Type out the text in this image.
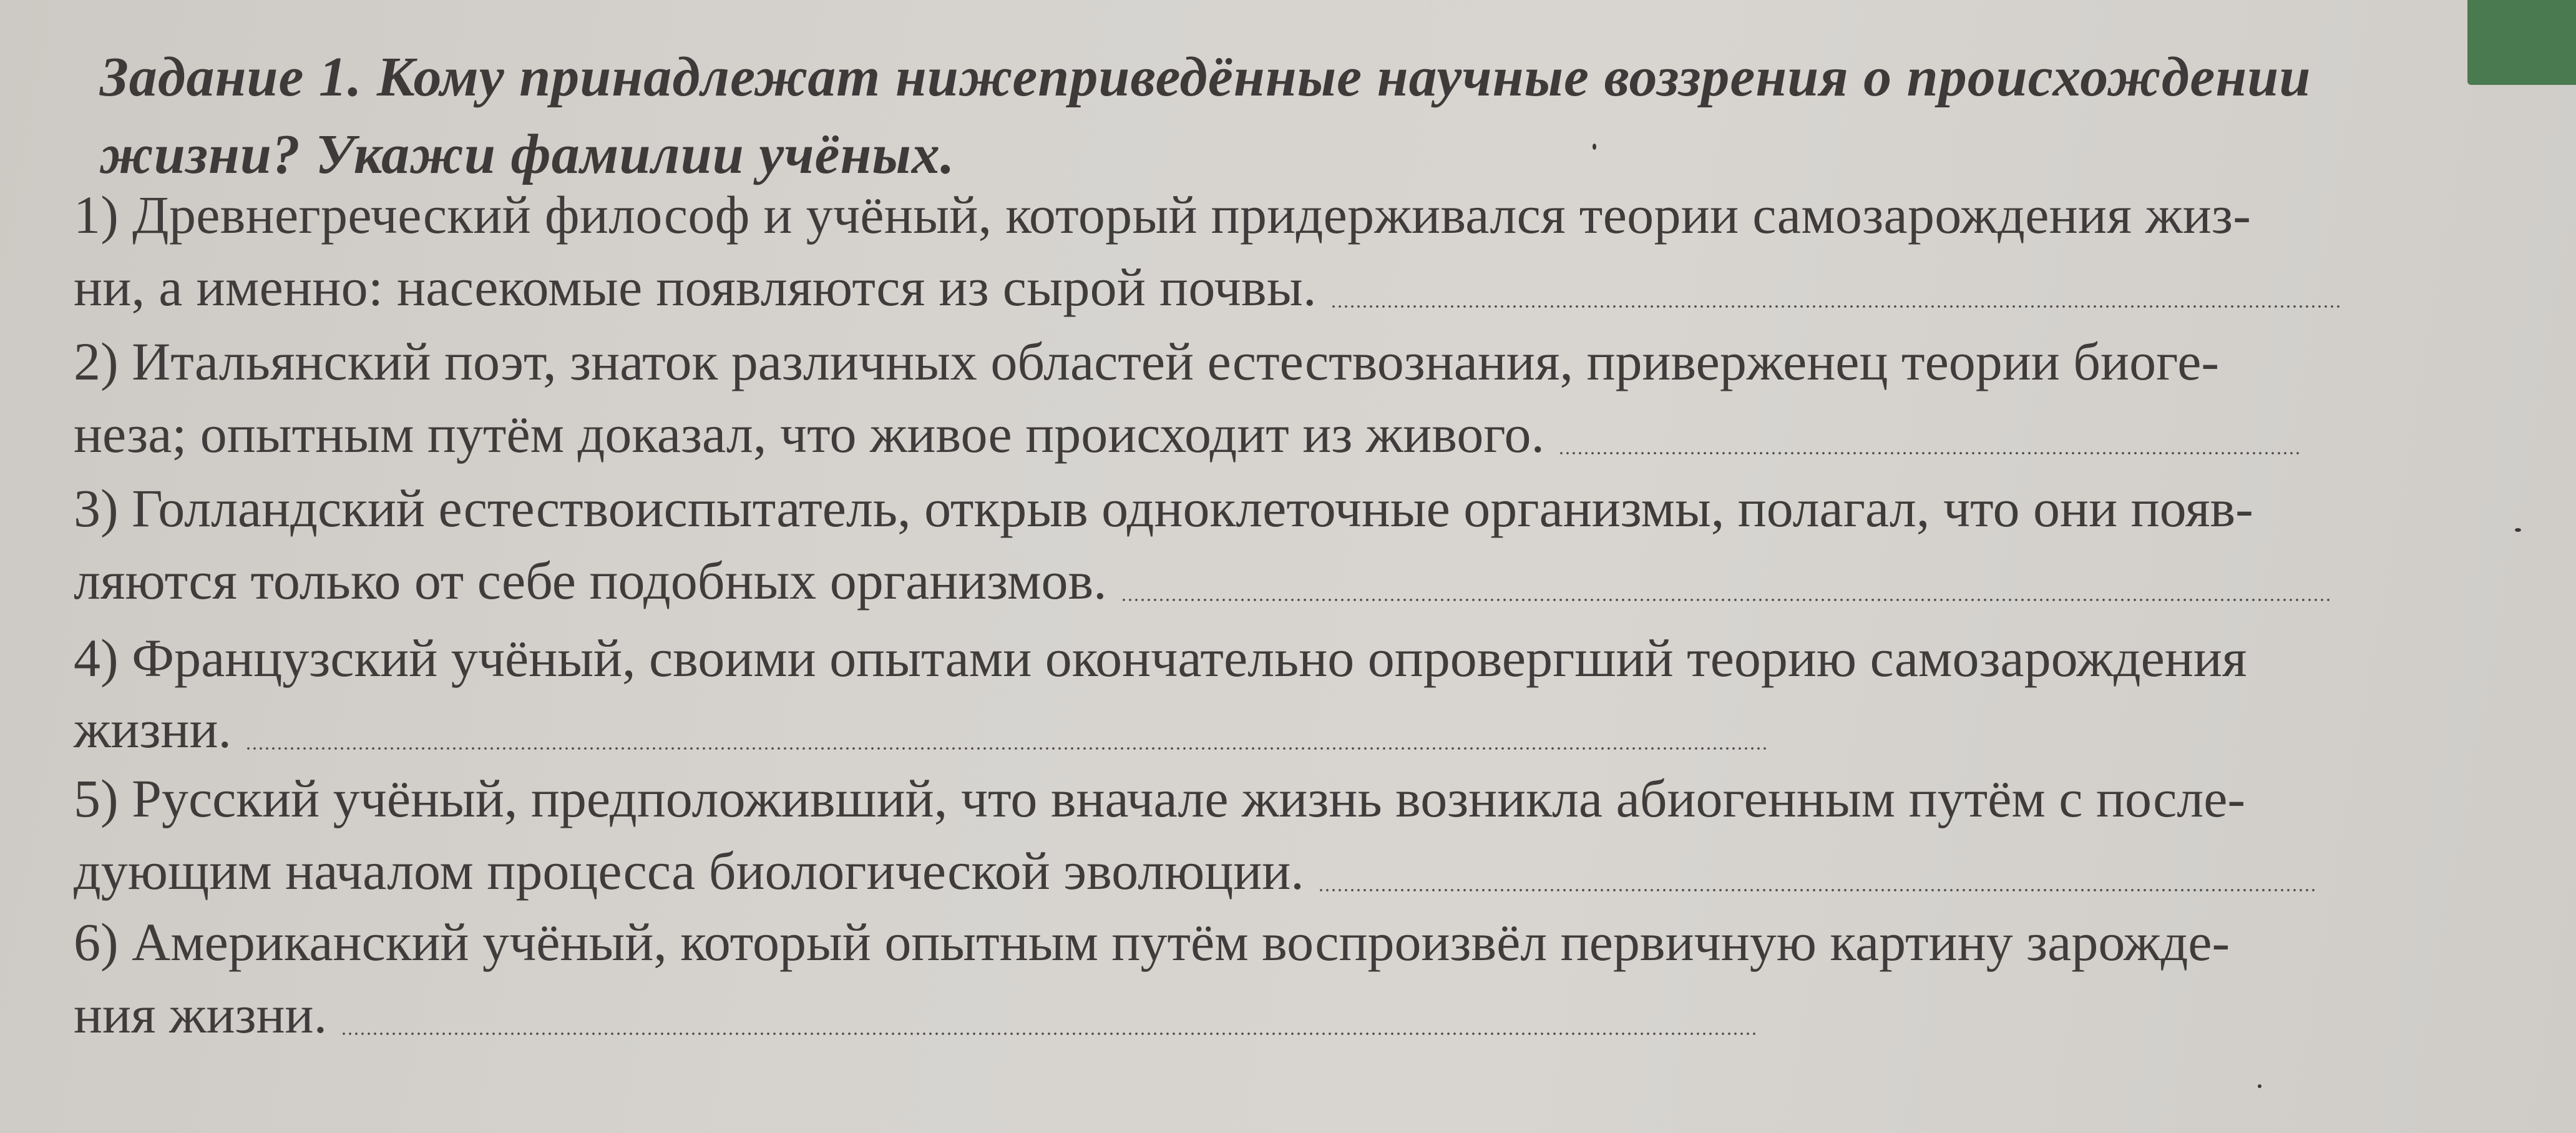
Задание 1. Кому принадлежат нижеприведённые научные воззрения о происхождении
жизни? Укажи фамилии учёных.
1) Древнегреческий философ и учёный, который придерживался теории самозарождения жиз-
ни, а именно: насекомые появляются из сырой почвы.
2) Итальянский поэт, знаток различных областей естествознания, приверженец теории биоге-
неза; опытным путём доказал, что живое происходит из живого.
3) Голландский естествоиспытатель, открыв одноклеточные организмы, полагал, что они появ-
ляются только от себе подобных организмов.
4) Французский учёный, своими опытами окончательно опровергший теорию самозарождения
жизни.
5) Русский учёный, предположивший, что вначале жизнь возникла абиогенным путём с после-
дующим началом процесса биологической эволюции.
6) Американский учёный, который опытным путём воспроизвёл первичную картину зарожде-
ния жизни.
